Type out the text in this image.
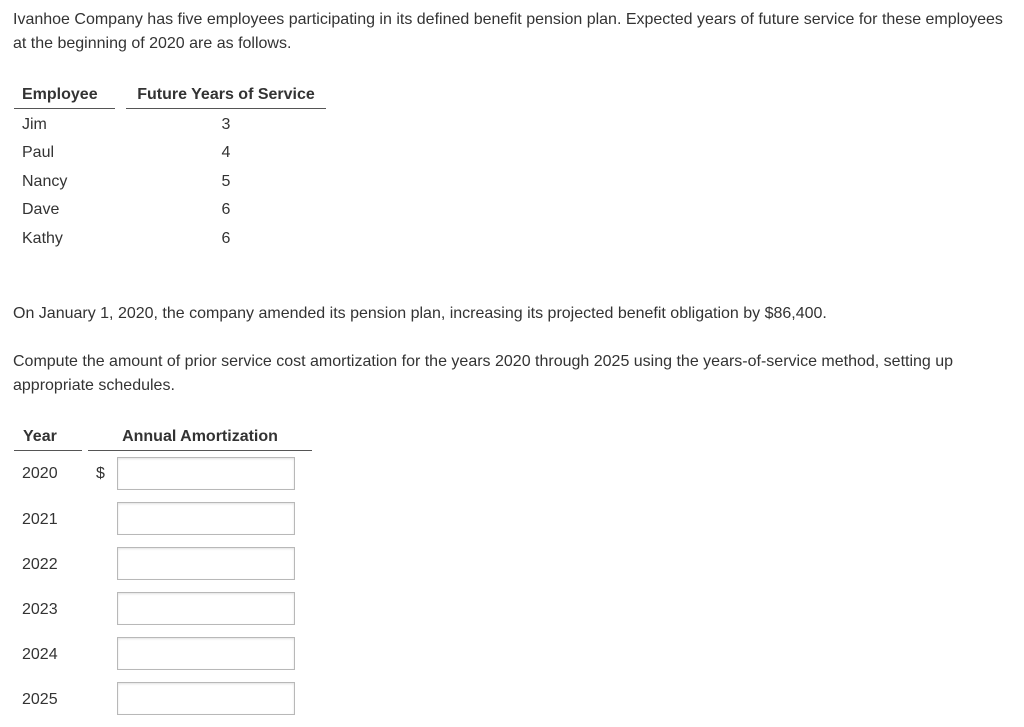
Ivanhoe Company has five employees participating in its defined benefit pension plan. Expected years of future service for these employees at the beginning of 2020 are as follows.

Employee	Future Years of Service
Jim	3
Paul	4
Nancy	5
Dave	6
Kathy	6

On January 1, 2020, the company amended its pension plan, increasing its projected benefit obligation by $86,400.

Compute the amount of prior service cost amortization for the years 2020 through 2025 using the years-of-service method, setting up appropriate schedules.

Year	Annual Amortization
2020 $
2021
2022
2023
2024
2025
